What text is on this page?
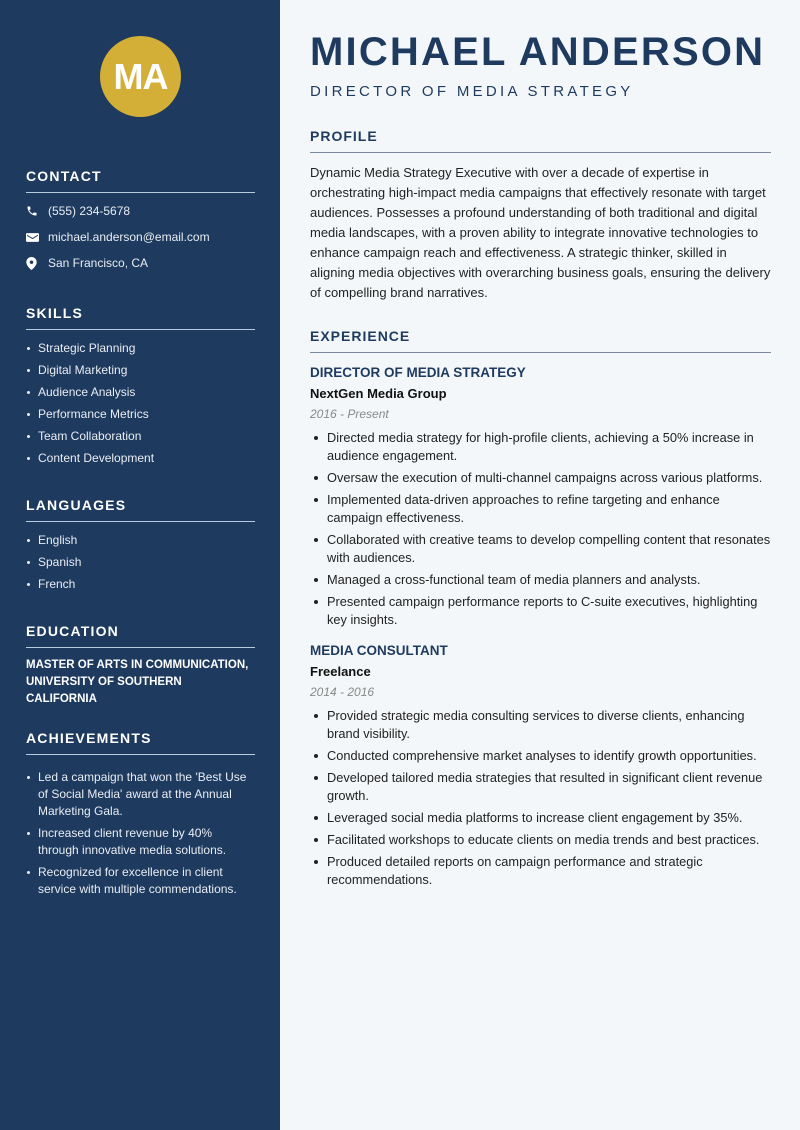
MA
CONTACT
(555) 234-5678
michael.anderson@email.com
San Francisco, CA
SKILLS
Strategic Planning
Digital Marketing
Audience Analysis
Performance Metrics
Team Collaboration
Content Development
LANGUAGES
English
Spanish
French
EDUCATION
MASTER OF ARTS IN COMMUNICATION, UNIVERSITY OF SOUTHERN CALIFORNIA
ACHIEVEMENTS
Led a campaign that won the 'Best Use of Social Media' award at the Annual Marketing Gala.
Increased client revenue by 40% through innovative media solutions.
Recognized for excellence in client service with multiple commendations.
MICHAEL ANDERSON
DIRECTOR OF MEDIA STRATEGY
PROFILE

Dynamic Media Strategy Executive with over a decade of expertise in orchestrating high-impact media campaigns that effectively resonate with target audiences. Possesses a profound understanding of both traditional and digital media landscapes, with a proven ability to integrate innovative technologies to enhance campaign reach and effectiveness. A strategic thinker, skilled in aligning media objectives with overarching business goals, ensuring the delivery of compelling brand narratives.

EXPERIENCE
DIRECTOR OF MEDIA STRATEGY
NextGen Media Group
2016 - Present
Directed media strategy for high-profile clients, achieving a 50% increase in audience engagement.
Oversaw the execution of multi-channel campaigns across various platforms.
Implemented data-driven approaches to refine targeting and enhance campaign effectiveness.
Collaborated with creative teams to develop compelling content that resonates with audiences.
Managed a cross-functional team of media planners and analysts.
Presented campaign performance reports to C-suite executives, highlighting key insights.
MEDIA CONSULTANT
Freelance
2014 - 2016
Provided strategic media consulting services to diverse clients, enhancing brand visibility.
Conducted comprehensive market analyses to identify growth opportunities.
Developed tailored media strategies that resulted in significant client revenue growth.
Leveraged social media platforms to increase client engagement by 35%.
Facilitated workshops to educate clients on media trends and best practices.
Produced detailed reports on campaign performance and strategic recommendations.
